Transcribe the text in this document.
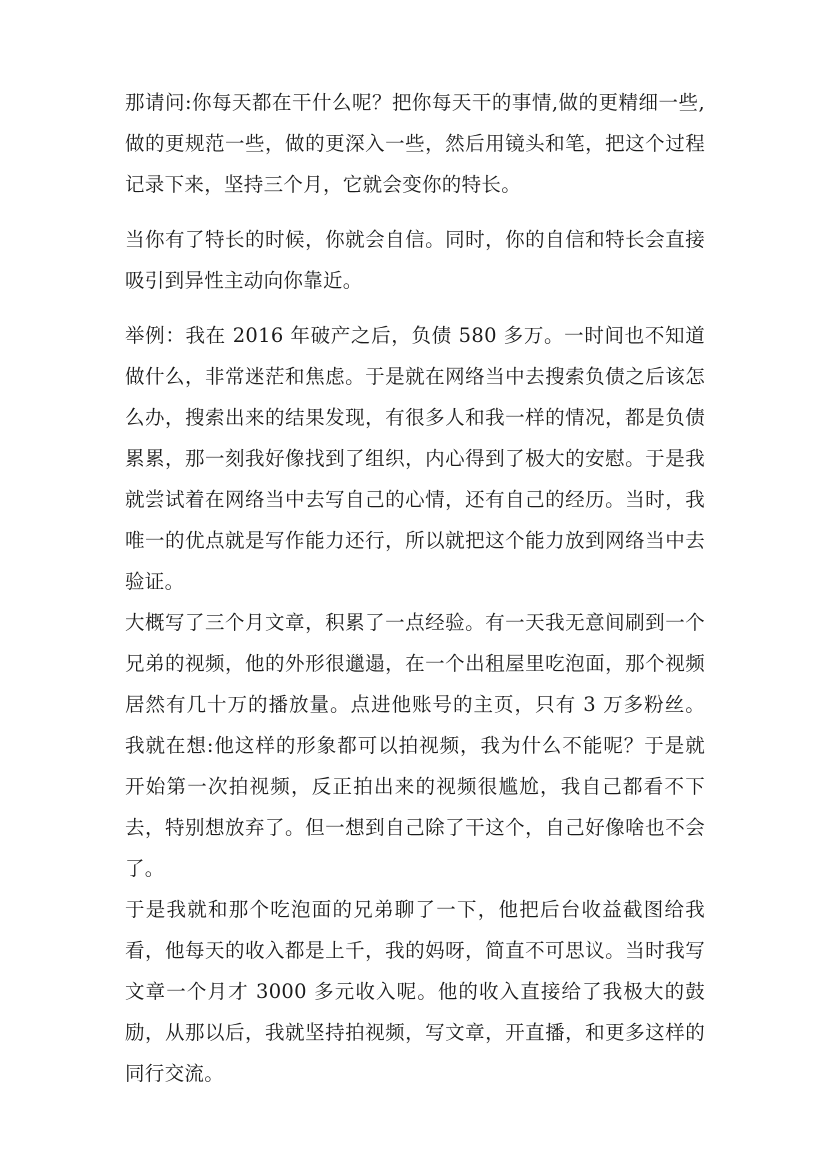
那请问:你每天都在干什么呢？把你每天干的事情,做的更精细一些,做的更规范一些，做的更深入一些，然后用镜头和笔，把这个过程记录下来，坚持三个月，它就会变你的特长。

当你有了特长的时候，你就会自信。同时，你的自信和特长会直接吸引到异性主动向你靠近。

举例：我在 2016 年破产之后，负债 580 多万。一时间也不知道做什么，非常迷茫和焦虑。于是就在网络当中去搜索负债之后该怎么办，搜索出来的结果发现，有很多人和我一样的情况，都是负债累累，那一刻我好像找到了组织，内心得到了极大的安慰。于是我就尝试着在网络当中去写自己的心情，还有自己的经历。当时，我唯一的优点就是写作能力还行，所以就把这个能力放到网络当中去验证。

大概写了三个月文章，积累了一点经验。有一天我无意间刷到一个兄弟的视频，他的外形很邋遢，在一个出租屋里吃泡面，那个视频居然有几十万的播放量。点进他账号的主页，只有 3 万多粉丝。我就在想:他这样的形象都可以拍视频，我为什么不能呢？于是就开始第一次拍视频，反正拍出来的视频很尴尬，我自己都看不下去，特别想放弃了。但一想到自己除了干这个，自己好像啥也不会了。

于是我就和那个吃泡面的兄弟聊了一下，他把后台收益截图给我看，他每天的收入都是上千，我的妈呀，简直不可思议。当时我写文章一个月才 3000 多元收入呢。他的收入直接给了我极大的鼓励，从那以后，我就坚持拍视频，写文章，开直播，和更多这样的同行交流。
